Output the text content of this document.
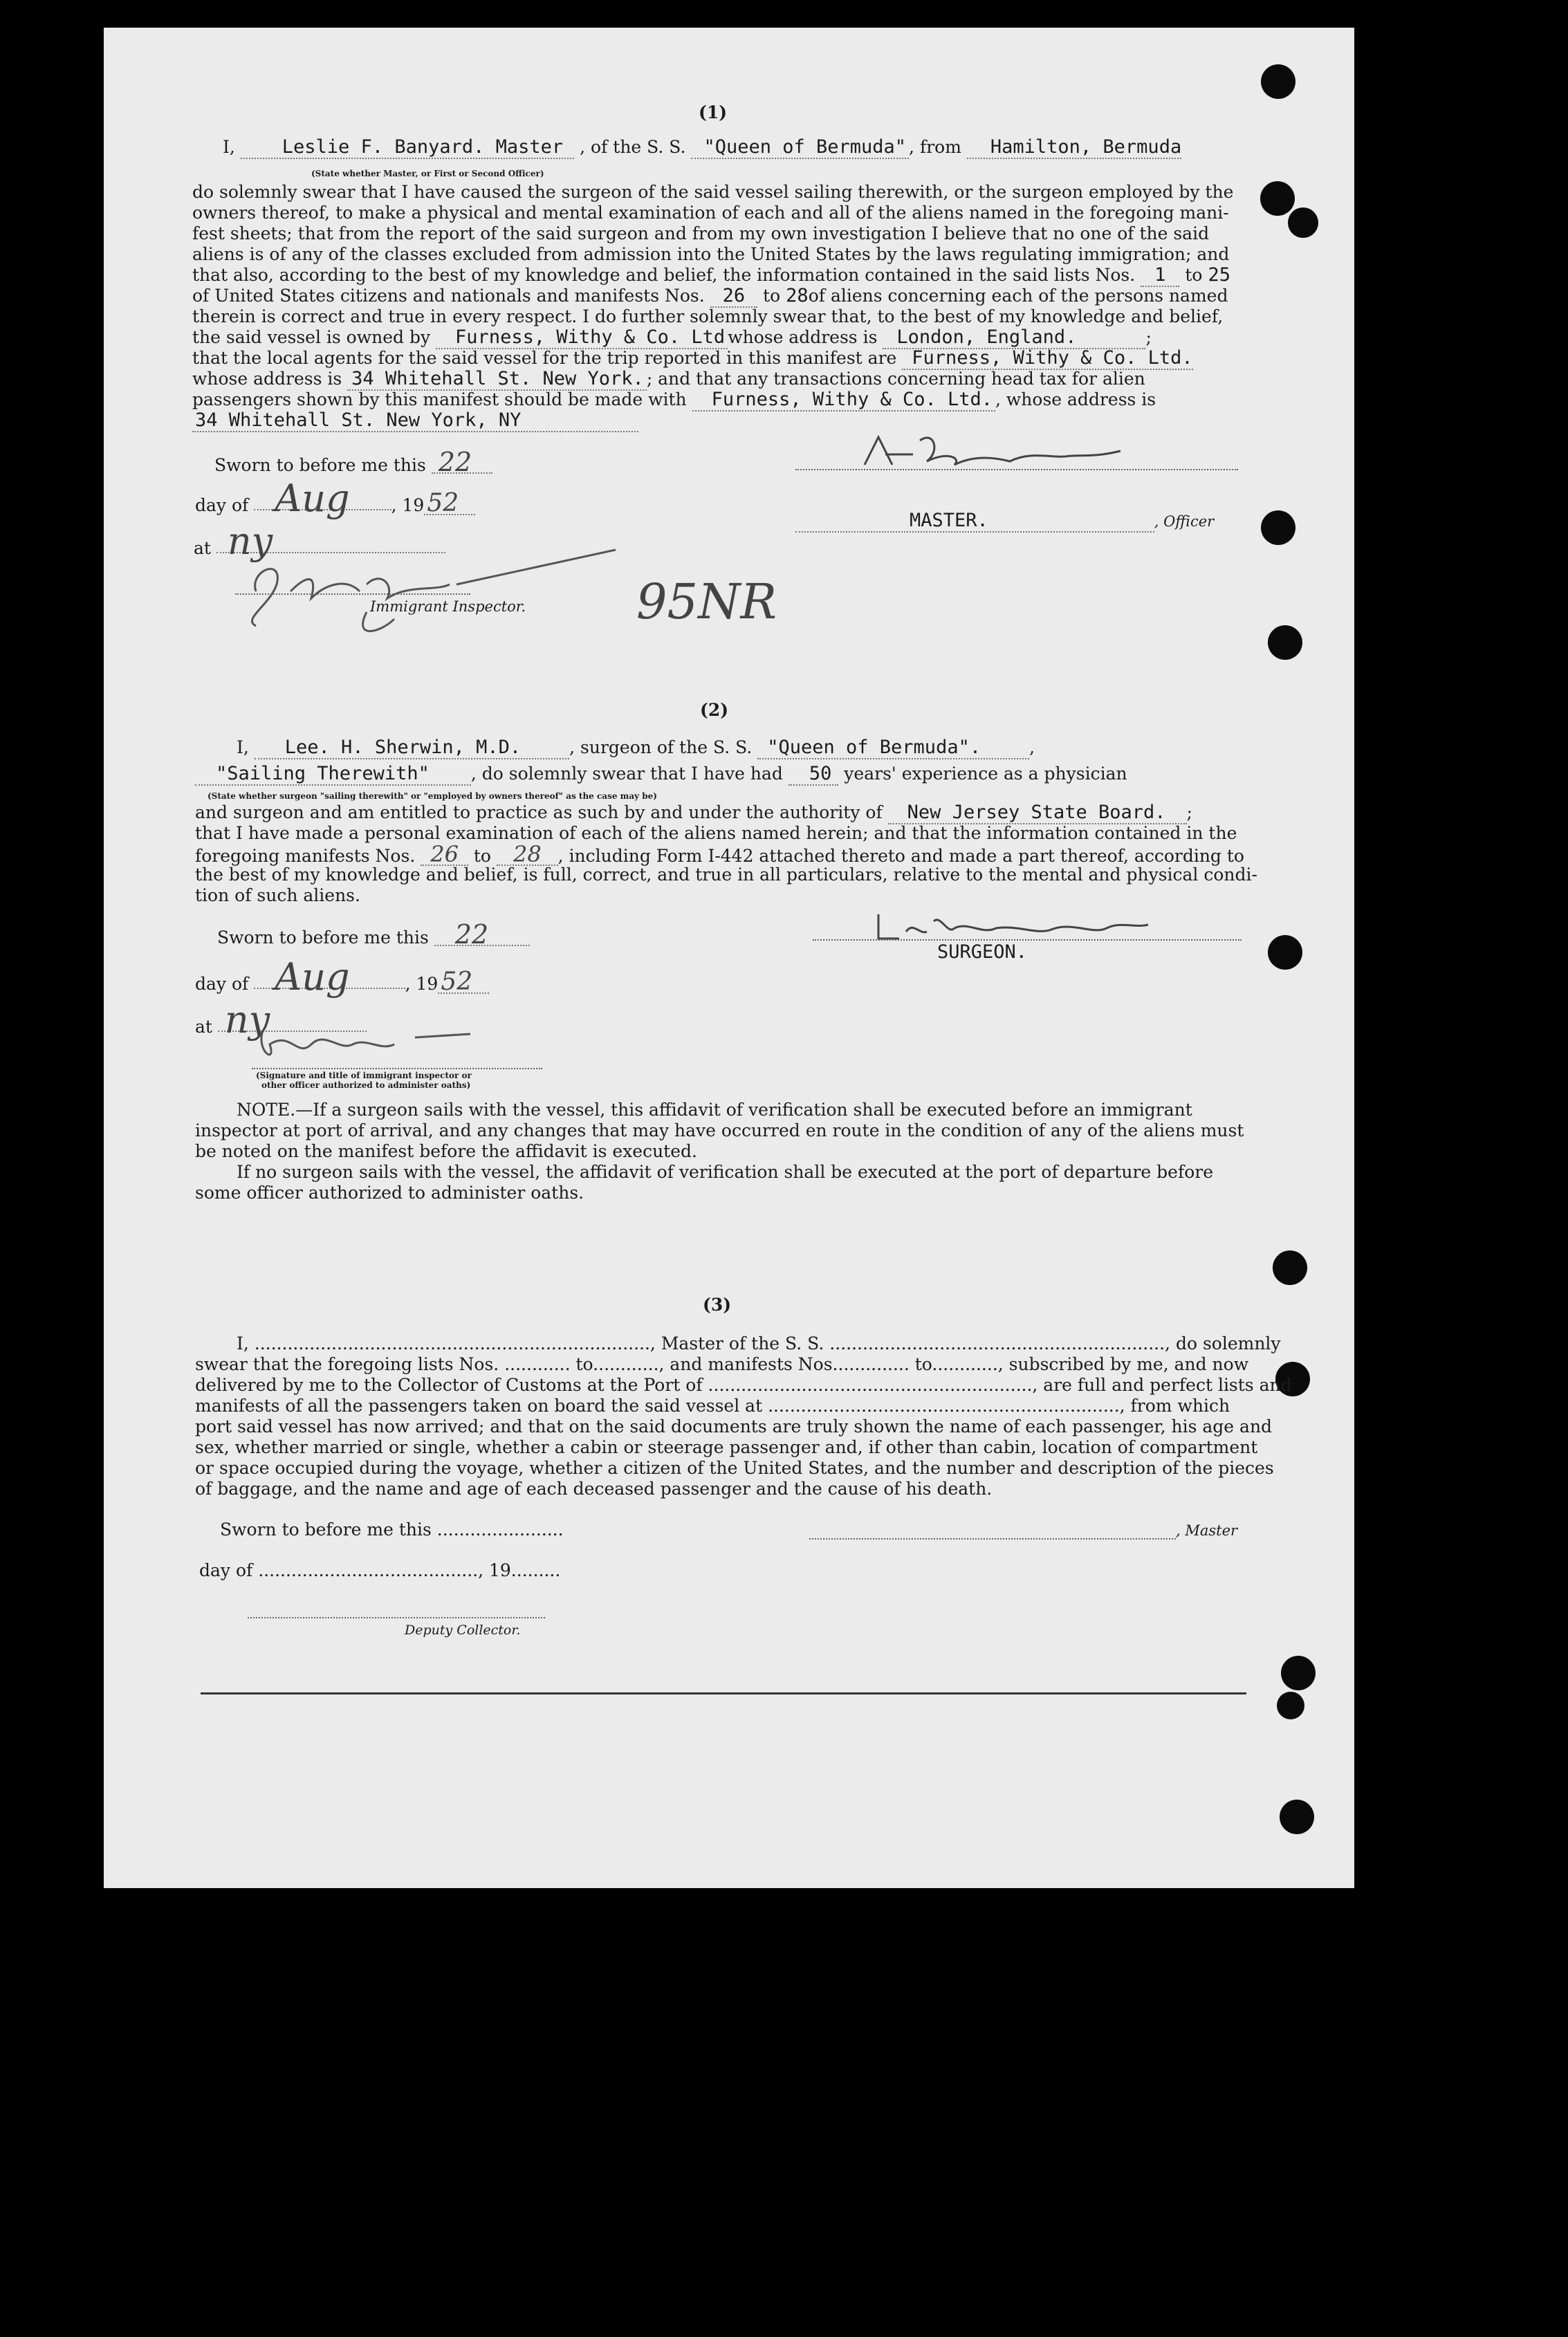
(1)
I,	Leslie F. Banyard. Master , of the S. S. "Queen of Bermuda" , from Hamilton, Bermuda
(State whether Master, or First or Second Officer)
do solemnly swear that I have caused the surgeon of the said vessel sailing therewith, or the surgeon employed by the
owners thereof, to make a physical and mental examination of each and all of the aliens named in the foregoing mani-
fest sheets; that from the report of the said surgeon and from my own investigation I believe that no one of the said
aliens is of any of the classes excluded from admission into the United States by the laws regulating immigration; and
that also, according to the best of my knowledge and belief, the information contained in the said lists Nos. 1 to 25
of United States citizens and nationals and manifests Nos. 26 to 28of aliens concerning each of the persons named
therein is correct and true in every respect. I do further solemnly swear that, to the best of my knowledge and belief,
the said vessel is owned by Furness, Withy & Co. Ltd whose address is London, England.	;
that the local agents for the said vessel for the trip reported in this manifest are Furness, Withy & Co. Ltd.
whose address is 34 Whitehall St. New York. ; and that any transactions concerning head tax for alien
passengers shown by this manifest should be made with Furness, Withy & Co. Ltd. , whose address is
34 Whitehall St. New York, NY
Sworn to before me this 22
day of Aug , 19 52
at ny
Immigrant Inspector. 95NR
MASTER.	, Officer
(2)
I, Lee. H. Sherwin, M.D.	, surgeon of the S. S. "Queen of Bermuda".	,
"Sailing Therewith" , do solemnly swear that I have had 50 years' experience as a physician
(State whether surgeon "sailing therewith" or "employed by owners thereof" as the case may be)
and surgeon and am entitled to practice as such by and under the authority of New Jersey State Board. ;
that I have made a personal examination of each of the aliens named herein; and that the information contained in the
foregoing manifests Nos. 26 to 28 , including Form I-442 attached thereto and made a part thereof, according to
the best of my knowledge and belief, is full, correct, and true in all particulars, relative to the mental and physical condi-
tion of such aliens.
Sworn to before me this 22
day of Aug	, 19 52
at ny
(Signature and title of immigrant inspector or
other officer authorized to administer oaths)
SURGEON.
NOTE.—If a surgeon sails with the vessel, this affidavit of verification shall be executed before an immigrant
inspector at port of arrival, and any changes that may have occurred en route in the condition of any of the aliens must
be noted on the manifest before the affidavit is executed.
If no surgeon sails with the vessel, the affidavit of verification shall be executed at the port of departure before
some officer authorized to administer oaths.
(3)
I, ........................................................................, Master of the S. S. ............................................................., do solemnly
swear that the foregoing lists Nos. ............ to............, and manifests Nos.............. to............, subscribed by me, and now
delivered by me to the Collector of Customs at the Port of ..........................................................., are full and perfect lists and
manifests of all the passengers taken on board the said vessel at ................................................................, from which
port said vessel has now arrived; and that on the said documents are truly shown the name of each passenger, his age and
sex, whether married or single, whether a cabin or steerage passenger and, if other than cabin, location of compartment
or space occupied during the voyage, whether a citizen of the United States, and the number and description of the pieces
of baggage, and the name and age of each deceased passenger and the cause of his death.
Sworn to before me this .......................	, Master
day of ........................................, 19.........
Deputy Collector.
